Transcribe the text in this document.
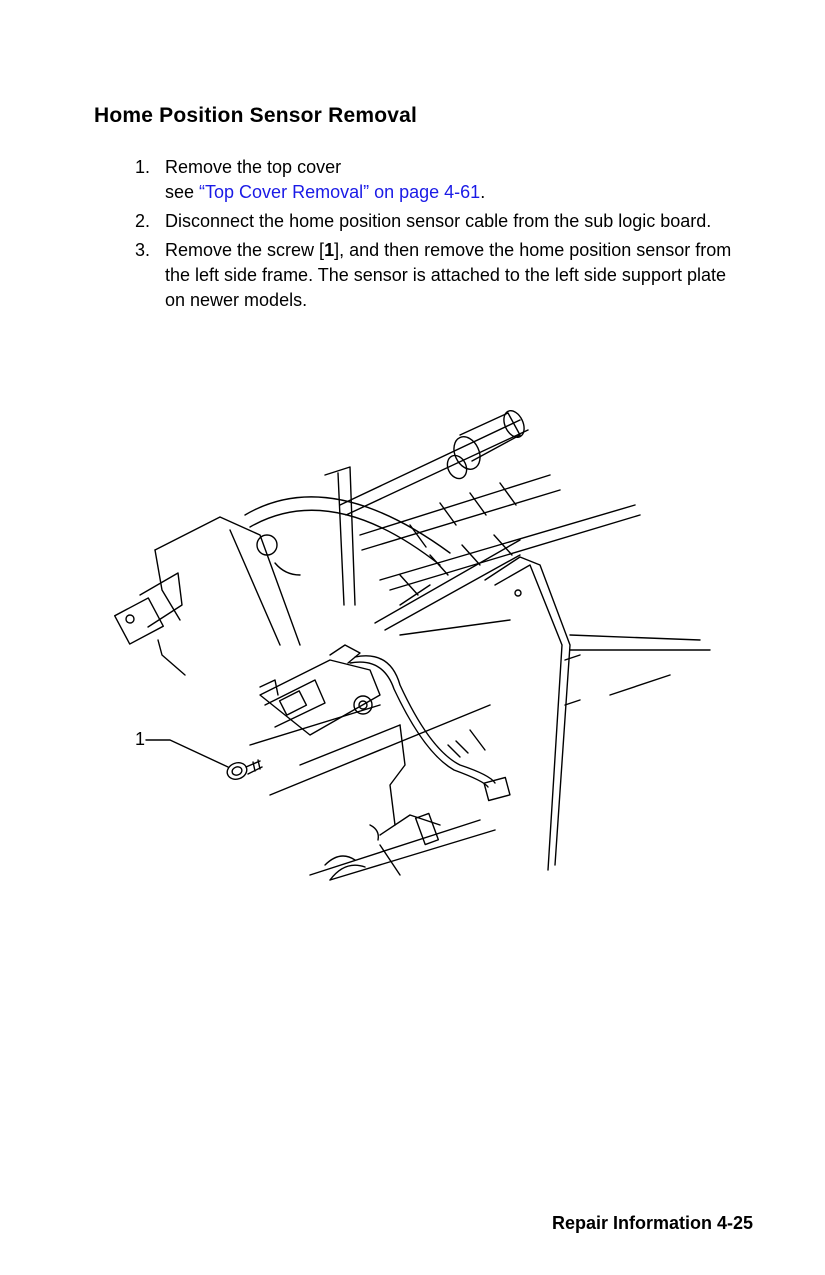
Home Position Sensor Removal
1. Remove the top cover
see “Top Cover Removal” on page 4-61.
2. Disconnect the home position sensor cable from the sub logic board.
3. Remove the screw [1], and then remove the home position sensor from the left side frame. The sensor is attached to the left side support plate on newer models.
1
Repair Information 4-25
